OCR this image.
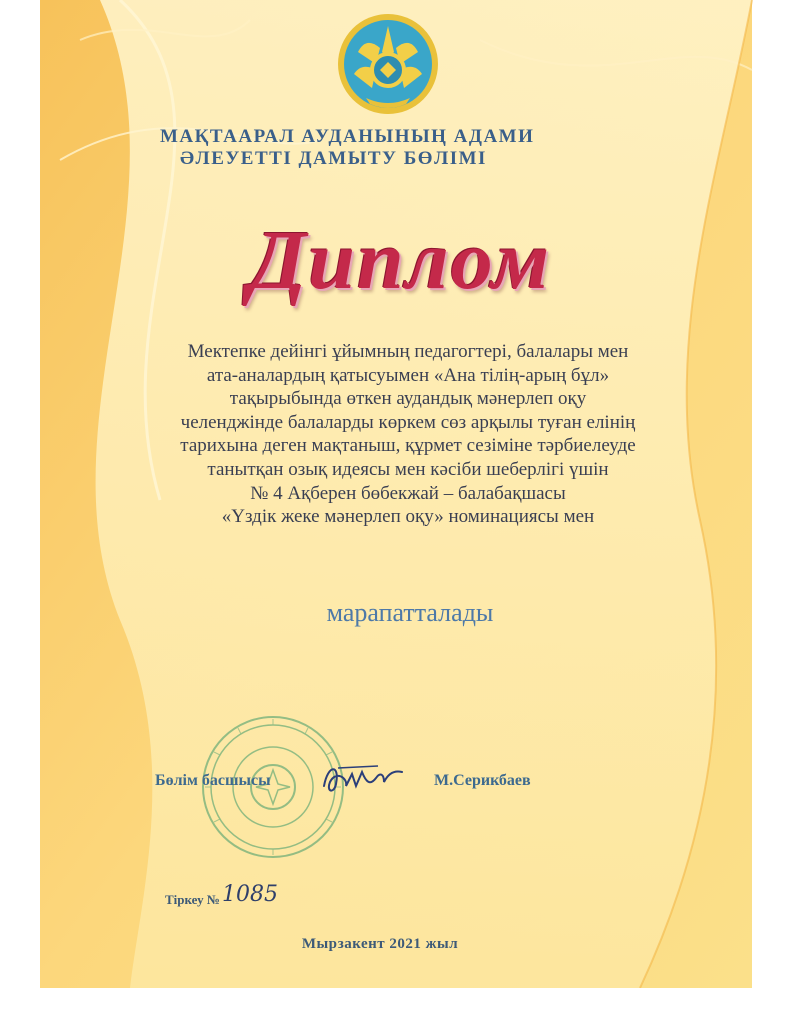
МАҚТААРАЛ АУДАНЫНЫҢ АДАМИ
ӘЛЕУЕТТІ ДАМЫТУ БӨЛІМІ
Диплом
Мектепке дейінгі ұйымның педагогтері, балалары мен
ата-аналардың қатысуымен «Ана тілің-арың бұл»
тақырыбында өткен аудандық мәнерлеп оқу
челенджінде балаларды көркем сөз арқылы туған елінің
тарихына деген мақтаныш, құрмет сезіміне тәрбиелеуде
танытқан озық идеясы мен кәсіби шеберлігі үшін
№ 4 Ақберен бөбекжай – балабақшасы
«Үздік жеке мәнерлеп оқу» номинациясы мен
марапатталады
Бөлім басшысы	М.Серикбаев
Тіркеу № 1085
Мырзакент 2021 жыл
